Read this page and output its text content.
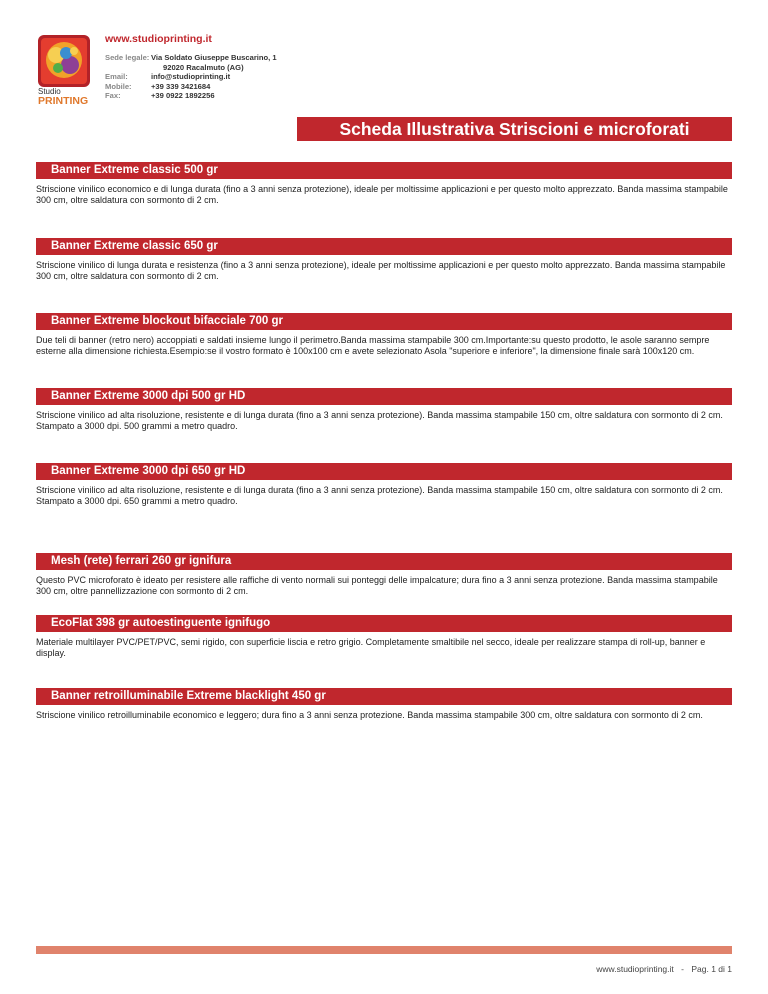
Studio
PRINTING
www.studioprinting.it
Sede legale: Via Soldato Giuseppe Buscarino, 1
92020 Racalmuto (AG)
Email:	info@studioprinting.it
Mobile:	+39 339 3421684
Fax:	+39 0922 1892256
Scheda Illustrativa Striscioni e microforati
Banner Extreme classic 500 gr
Striscione vinilico economico e di lunga durata (fino a 3 anni senza protezione), ideale per moltissime applicazioni e per questo molto apprezzato. Banda massima stampabile 300 cm, oltre saldatura con sormonto di 2 cm.
Banner Extreme classic 650 gr
Striscione vinilico di lunga durata e resistenza (fino a 3 anni senza protezione), ideale per moltissime applicazioni e per questo molto apprezzato. Banda massima stampabile 300 cm, oltre saldatura con sormonto di 2 cm.
Banner Extreme blockout bifacciale 700 gr
Due teli di banner (retro nero) accoppiati e saldati insieme lungo il perimetro.Banda massima stampabile 300 cm.Importante:su questo prodotto, le asole saranno sempre esterne alla dimensione richiesta.Esempio:se il vostro formato è 100x100 cm e avete selezionato Asola "superiore e inferiore", la dimensione finale sarà 100x120 cm.
Banner Extreme 3000 dpi 500 gr HD
Striscione vinilico ad alta risoluzione, resistente e di lunga durata (fino a 3 anni senza protezione). Banda massima stampabile 150 cm, oltre saldatura con sormonto di 2 cm. Stampato a 3000 dpi. 500 grammi a metro quadro.
Banner Extreme 3000 dpi 650 gr HD
Striscione vinilico ad alta risoluzione, resistente e di lunga durata (fino a 3 anni senza protezione). Banda massima stampabile 150 cm, oltre saldatura con sormonto di 2 cm. Stampato a 3000 dpi. 650 grammi a metro quadro.
Mesh (rete) ferrari 260 gr ignifura
Questo PVC microforato è ideato per resistere alle raffiche di vento normali sui ponteggi delle impalcature; dura fino a 3 anni senza protezione. Banda massima stampabile 300 cm, oltre pannellizzazione con sormonto di 2 cm.
EcoFlat 398 gr autoestinguente ignifugo
Materiale multilayer PVC/PET/PVC, semi rigido, con superficie liscia e retro grigio. Completamente smaltibile nel secco, ideale per realizzare stampa di roll-up, banner e display.
Banner retroilluminabile Extreme blacklight 450 gr
Striscione vinilico retroilluminabile economico e leggero; dura fino a 3 anni senza protezione. Banda massima stampabile 300 cm, oltre saldatura con sormonto di 2 cm.
www.studioprinting.it - Pag. 1 di 1
